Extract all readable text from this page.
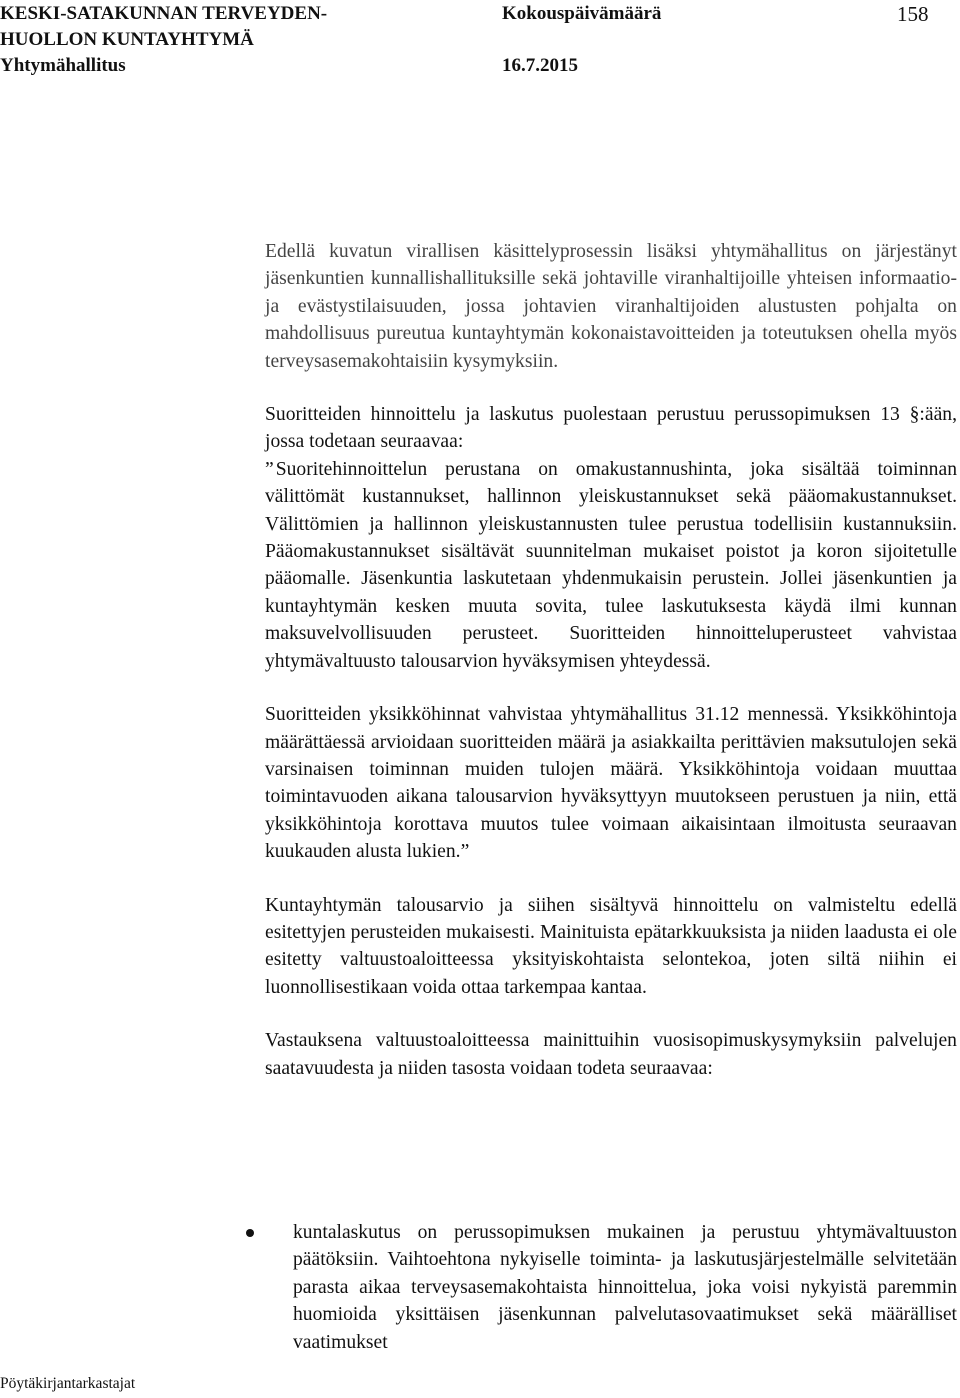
KESKI-SATAKUNNAN TERVEYDEN-
HUOLLON KUNTAYHTYMÄ
Yhtymähallitus
Kokouspäivämäärä
16.7.2015
158

Edellä kuvatun virallisen käsittelyprosessin lisäksi yhtymähallitus on järjestänyt jäsenkuntien kunnallishallituksille sekä johtaville viranhaltijoille yhteisen informaatio- ja evästystilaisuuden, jossa johtavien viranhaltijoiden alustusten pohjalta on mahdollisuus pureutua kuntayhtymän kokonaistavoitteiden ja toteutuksen ohella myös terveysasemakohtaisiin kysymyksiin.

Suoritteiden hinnoittelu ja laskutus puolestaan perustuu perussopimuksen 13 §:ään, jossa todetaan seuraavaa:
” Suoritehinnoittelun perustana on omakustannushinta, joka sisältää toiminnan välittömät kustannukset, hallinnon yleiskustannukset sekä pääomakustannukset. Välittömien ja hallinnon yleiskustannusten tulee perustua todellisiin kustannuksiin. Pääomakustannukset sisältävät suunnitelman mukaiset poistot ja koron sijoitetulle pääomalle. Jäsenkuntia laskutetaan yhdenmukaisin perustein. Jollei jäsenkuntien ja kuntayhtymän kesken muuta sovita, tulee laskutuksesta käydä ilmi kunnan maksuvelvollisuuden perusteet. Suoritteiden hinnoitteluperusteet vahvistaa yhtymävaltuusto talousarvion hyväksymisen yhteydessä.

Suoritteiden yksikköhinnat vahvistaa yhtymähallitus 31.12 mennessä. Yksikköhintoja määrättäessä arvioidaan suoritteiden määrä ja asiakkailta perittävien maksutulojen sekä varsinaisen toiminnan muiden tulojen määrä. Yksikköhintoja voidaan muuttaa toimintavuoden aikana talousarvion hyväksyttyyn muutokseen perustuen ja niin, että yksikköhintoja korottava muutos tulee voimaan aikaisintaan ilmoitusta seuraavan kuukauden alusta lukien.”

Kuntayhtymän talousarvio ja siihen sisältyvä hinnoittelu on valmisteltu edellä esitettyjen perusteiden mukaisesti. Mainituista epätarkkuuksista ja niiden laadusta ei ole esitetty valtuustoaloitteessa yksityiskohtaista selontekoa, joten siltä niihin ei luonnollisestikaan voida ottaa tarkempaa kantaa.

Vastauksena valtuustoaloitteessa mainittuihin vuosisopimuskysymyksiin palvelujen saatavuudesta ja niiden tasosta voidaan todeta seuraavaa:

kuntalaskutus on perussopimuksen mukainen ja perustuu yhtymävaltuuston päätöksiin. Vaihtoehtona nykyiselle toiminta- ja laskutusjärjestelmälle selvitetään parasta aikaa terveysasemakohtaista hinnoittelua, joka voisi nykyistä paremmin huomioida yksittäisen jäsenkunnan palvelutasovaatimukset sekä määrälliset vaatimukset
Pöytäkirjantarkastajat
